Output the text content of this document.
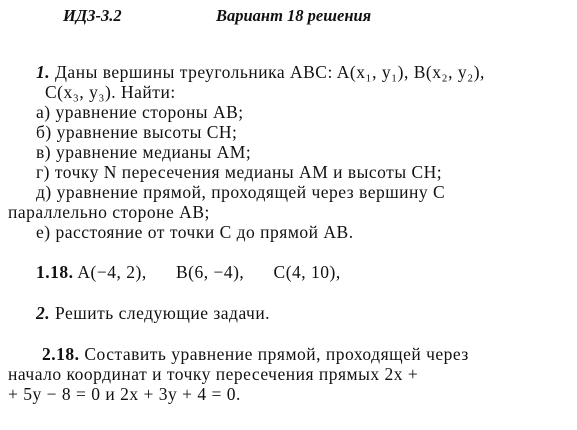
ИДЗ-3.2	Вариант 18 решения
1. Даны вершины треугольника ABC: A(x₁, y₁), B(x₂, y₂),
C(x₃, y₃). Найти:
а) уравнение стороны AB;
б) уравнение высоты CH;
в) уравнение медианы AM;
г) точку N пересечения медианы AM и высоты CH;
д) уравнение прямой, проходящей через вершину C
параллельно стороне AB;
е) расстояние от точки C до прямой AB.
1.18. A(−4, 2),      B(6, −4),      C(4, 10),
2. Решить следующие задачи.
2.18. Составить уравнение прямой, проходящей через
начало координат и точку пересечения прямых 2x +
+ 5y − 8 = 0 и 2x + 3y + 4 = 0.
